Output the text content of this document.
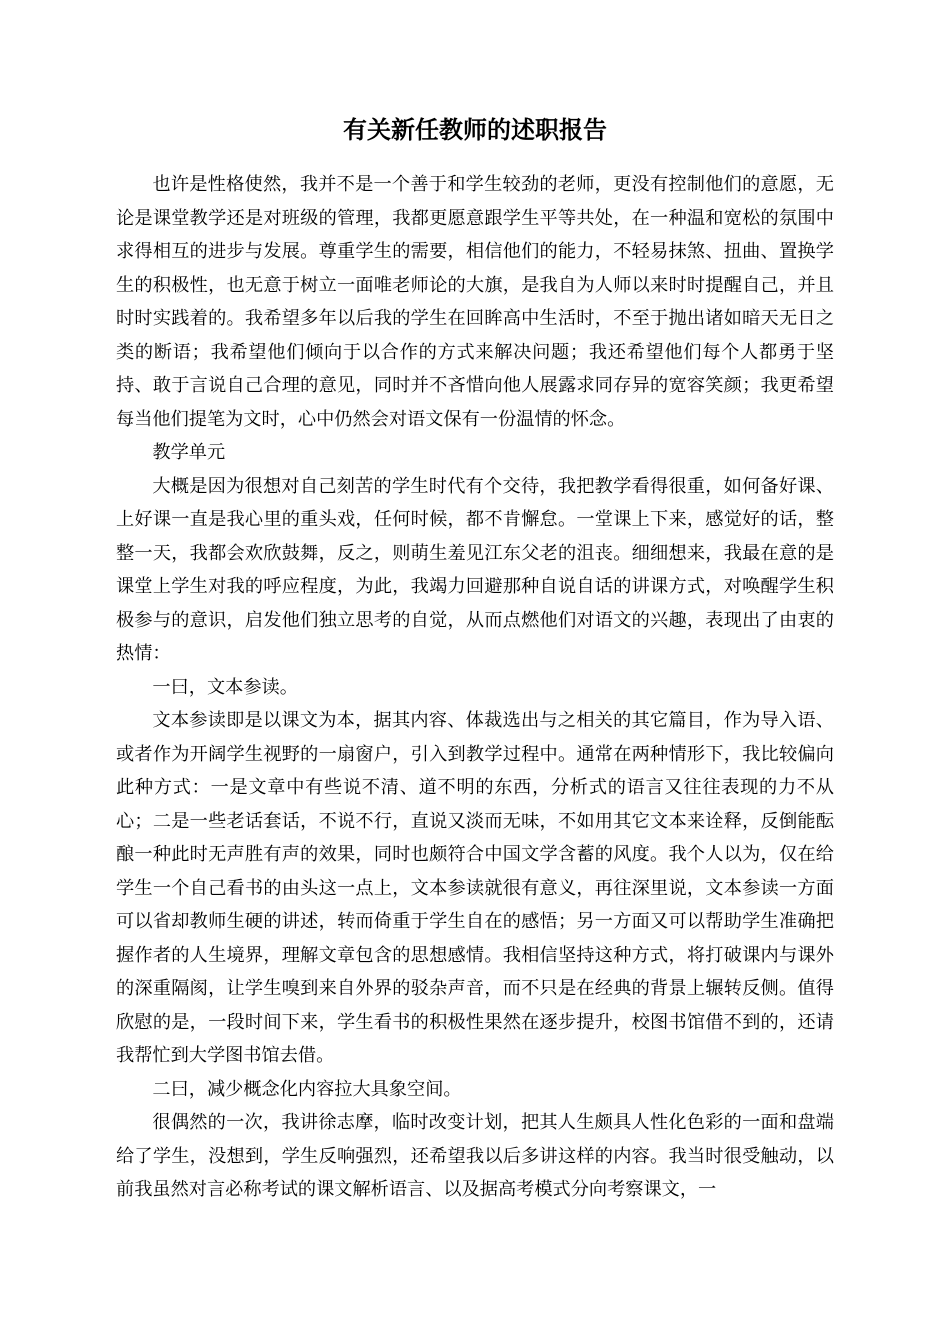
有关新任教师的述职报告

也许是性格使然，我并不是一个善于和学生较劲的老师，更没有控制他们的意愿，无论是课堂教学还是对班级的管理，我都更愿意跟学生平等共处，在一种温和宽松的氛围中求得相互的进步与发展。尊重学生的需要，相信他们的能力，不轻易抹煞、扭曲、置换学生的积极性，也无意于树立一面唯老师论的大旗，是我自为人师以来时时提醒自己，并且时时实践着的。我希望多年以后我的学生在回眸高中生活时，不至于抛出诸如暗天无日之类的断语；我希望他们倾向于以合作的方式来解决问题；我还希望他们每个人都勇于坚持、敢于言说自己合理的意见，同时并不吝惜向他人展露求同存异的宽容笑颜；我更希望每当他们提笔为文时，心中仍然会对语文保有一份温情的怀念。

教学单元

大概是因为很想对自己刻苦的学生时代有个交待，我把教学看得很重，如何备好课、上好课一直是我心里的重头戏，任何时候，都不肯懈怠。一堂课上下来，感觉好的话，整整一天，我都会欢欣鼓舞，反之，则萌生羞见江东父老的沮丧。细细想来，我最在意的是课堂上学生对我的呼应程度，为此，我竭力回避那种自说自话的讲课方式，对唤醒学生积极参与的意识，启发他们独立思考的自觉，从而点燃他们对语文的兴趣，表现出了由衷的热情：

一曰，文本参读。

文本参读即是以课文为本，据其内容、体裁选出与之相关的其它篇目，作为导入语、或者作为开阔学生视野的一扇窗户，引入到教学过程中。通常在两种情形下，我比较偏向此种方式：一是文章中有些说不清、道不明的东西，分析式的语言又往往表现的力不从心；二是一些老话套话，不说不行，直说又淡而无味，不如用其它文本来诠释，反倒能酝酿一种此时无声胜有声的效果，同时也颇符合中国文学含蓄的风度。我个人以为，仅在给学生一个自己看书的由头这一点上，文本参读就很有意义，再往深里说，文本参读一方面可以省却教师生硬的讲述，转而倚重于学生自在的感悟；另一方面又可以帮助学生准确把握作者的人生境界，理解文章包含的思想感情。我相信坚持这种方式，将打破课内与课外的深重隔阂，让学生嗅到来自外界的驳杂声音，而不只是在经典的背景上辗转反侧。值得欣慰的是，一段时间下来，学生看书的积极性果然在逐步提升，校图书馆借不到的，还请我帮忙到大学图书馆去借。

二曰，减少概念化内容拉大具象空间。

很偶然的一次，我讲徐志摩，临时改变计划，把其人生颇具人性化色彩的一面和盘端给了学生，没想到，学生反响强烈，还希望我以后多讲这样的内容。我当时很受触动，以前我虽然对言必称考试的课文解析语言、以及据高考模式分向考察课文，一
